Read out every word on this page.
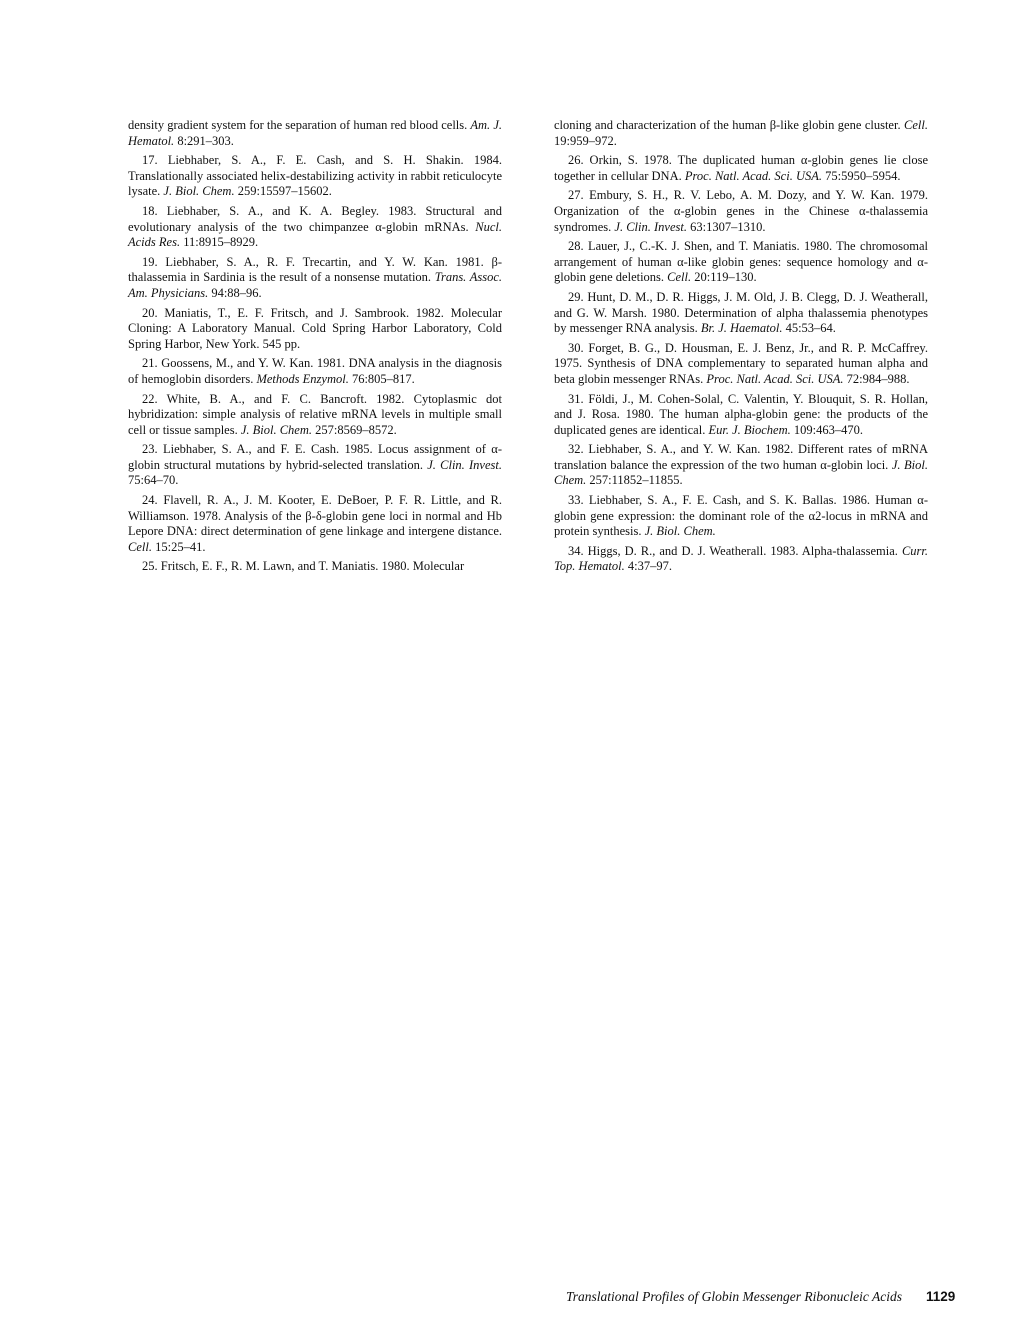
density gradient system for the separation of human red blood cells. Am. J. Hematol. 8:291–303.

17. Liebhaber, S. A., F. E. Cash, and S. H. Shakin. 1984. Translationally associated helix-destabilizing activity in rabbit reticulocyte lysate. J. Biol. Chem. 259:15597–15602.

18. Liebhaber, S. A., and K. A. Begley. 1983. Structural and evolutionary analysis of the two chimpanzee α-globin mRNAs. Nucl. Acids Res. 11:8915–8929.

19. Liebhaber, S. A., R. F. Trecartin, and Y. W. Kan. 1981. β-thalassemia in Sardinia is the result of a nonsense mutation. Trans. Assoc. Am. Physicians. 94:88–96.

20. Maniatis, T., E. F. Fritsch, and J. Sambrook. 1982. Molecular Cloning: A Laboratory Manual. Cold Spring Harbor Laboratory, Cold Spring Harbor, New York. 545 pp.

21. Goossens, M., and Y. W. Kan. 1981. DNA analysis in the diagnosis of hemoglobin disorders. Methods Enzymol. 76:805–817.

22. White, B. A., and F. C. Bancroft. 1982. Cytoplasmic dot hybridization: simple analysis of relative mRNA levels in multiple small cell or tissue samples. J. Biol. Chem. 257:8569–8572.

23. Liebhaber, S. A., and F. E. Cash. 1985. Locus assignment of α-globin structural mutations by hybrid-selected translation. J. Clin. Invest. 75:64–70.

24. Flavell, R. A., J. M. Kooter, E. DeBoer, P. F. R. Little, and R. Williamson. 1978. Analysis of the β-δ-globin gene loci in normal and Hb Lepore DNA: direct determination of gene linkage and intergene distance. Cell. 15:25–41.

25. Fritsch, E. F., R. M. Lawn, and T. Maniatis. 1980. Molecular

cloning and characterization of the human β-like globin gene cluster. Cell. 19:959–972.

26. Orkin, S. 1978. The duplicated human α-globin genes lie close together in cellular DNA. Proc. Natl. Acad. Sci. USA. 75:5950–5954.

27. Embury, S. H., R. V. Lebo, A. M. Dozy, and Y. W. Kan. 1979. Organization of the α-globin genes in the Chinese α-thalassemia syndromes. J. Clin. Invest. 63:1307–1310.

28. Lauer, J., C.-K. J. Shen, and T. Maniatis. 1980. The chromosomal arrangement of human α-like globin genes: sequence homology and α-globin gene deletions. Cell. 20:119–130.

29. Hunt, D. M., D. R. Higgs, J. M. Old, J. B. Clegg, D. J. Weatherall, and G. W. Marsh. 1980. Determination of alpha thalassemia phenotypes by messenger RNA analysis. Br. J. Haematol. 45:53–64.

30. Forget, B. G., D. Housman, E. J. Benz, Jr., and R. P. McCaffrey. 1975. Synthesis of DNA complementary to separated human alpha and beta globin messenger RNAs. Proc. Natl. Acad. Sci. USA. 72:984–988.

31. Földi, J., M. Cohen-Solal, C. Valentin, Y. Blouquit, S. R. Hollan, and J. Rosa. 1980. The human alpha-globin gene: the products of the duplicated genes are identical. Eur. J. Biochem. 109:463–470.

32. Liebhaber, S. A., and Y. W. Kan. 1982. Different rates of mRNA translation balance the expression of the two human α-globin loci. J. Biol. Chem. 257:11852–11855.

33. Liebhaber, S. A., F. E. Cash, and S. K. Ballas. 1986. Human α-globin gene expression: the dominant role of the α2-locus in mRNA and protein synthesis. J. Biol. Chem.

34. Higgs, D. R., and D. J. Weatherall. 1983. Alpha-thalassemia. Curr. Top. Hematol. 4:37–97.

Translational Profiles of Globin Messenger Ribonucleic Acids 1129
